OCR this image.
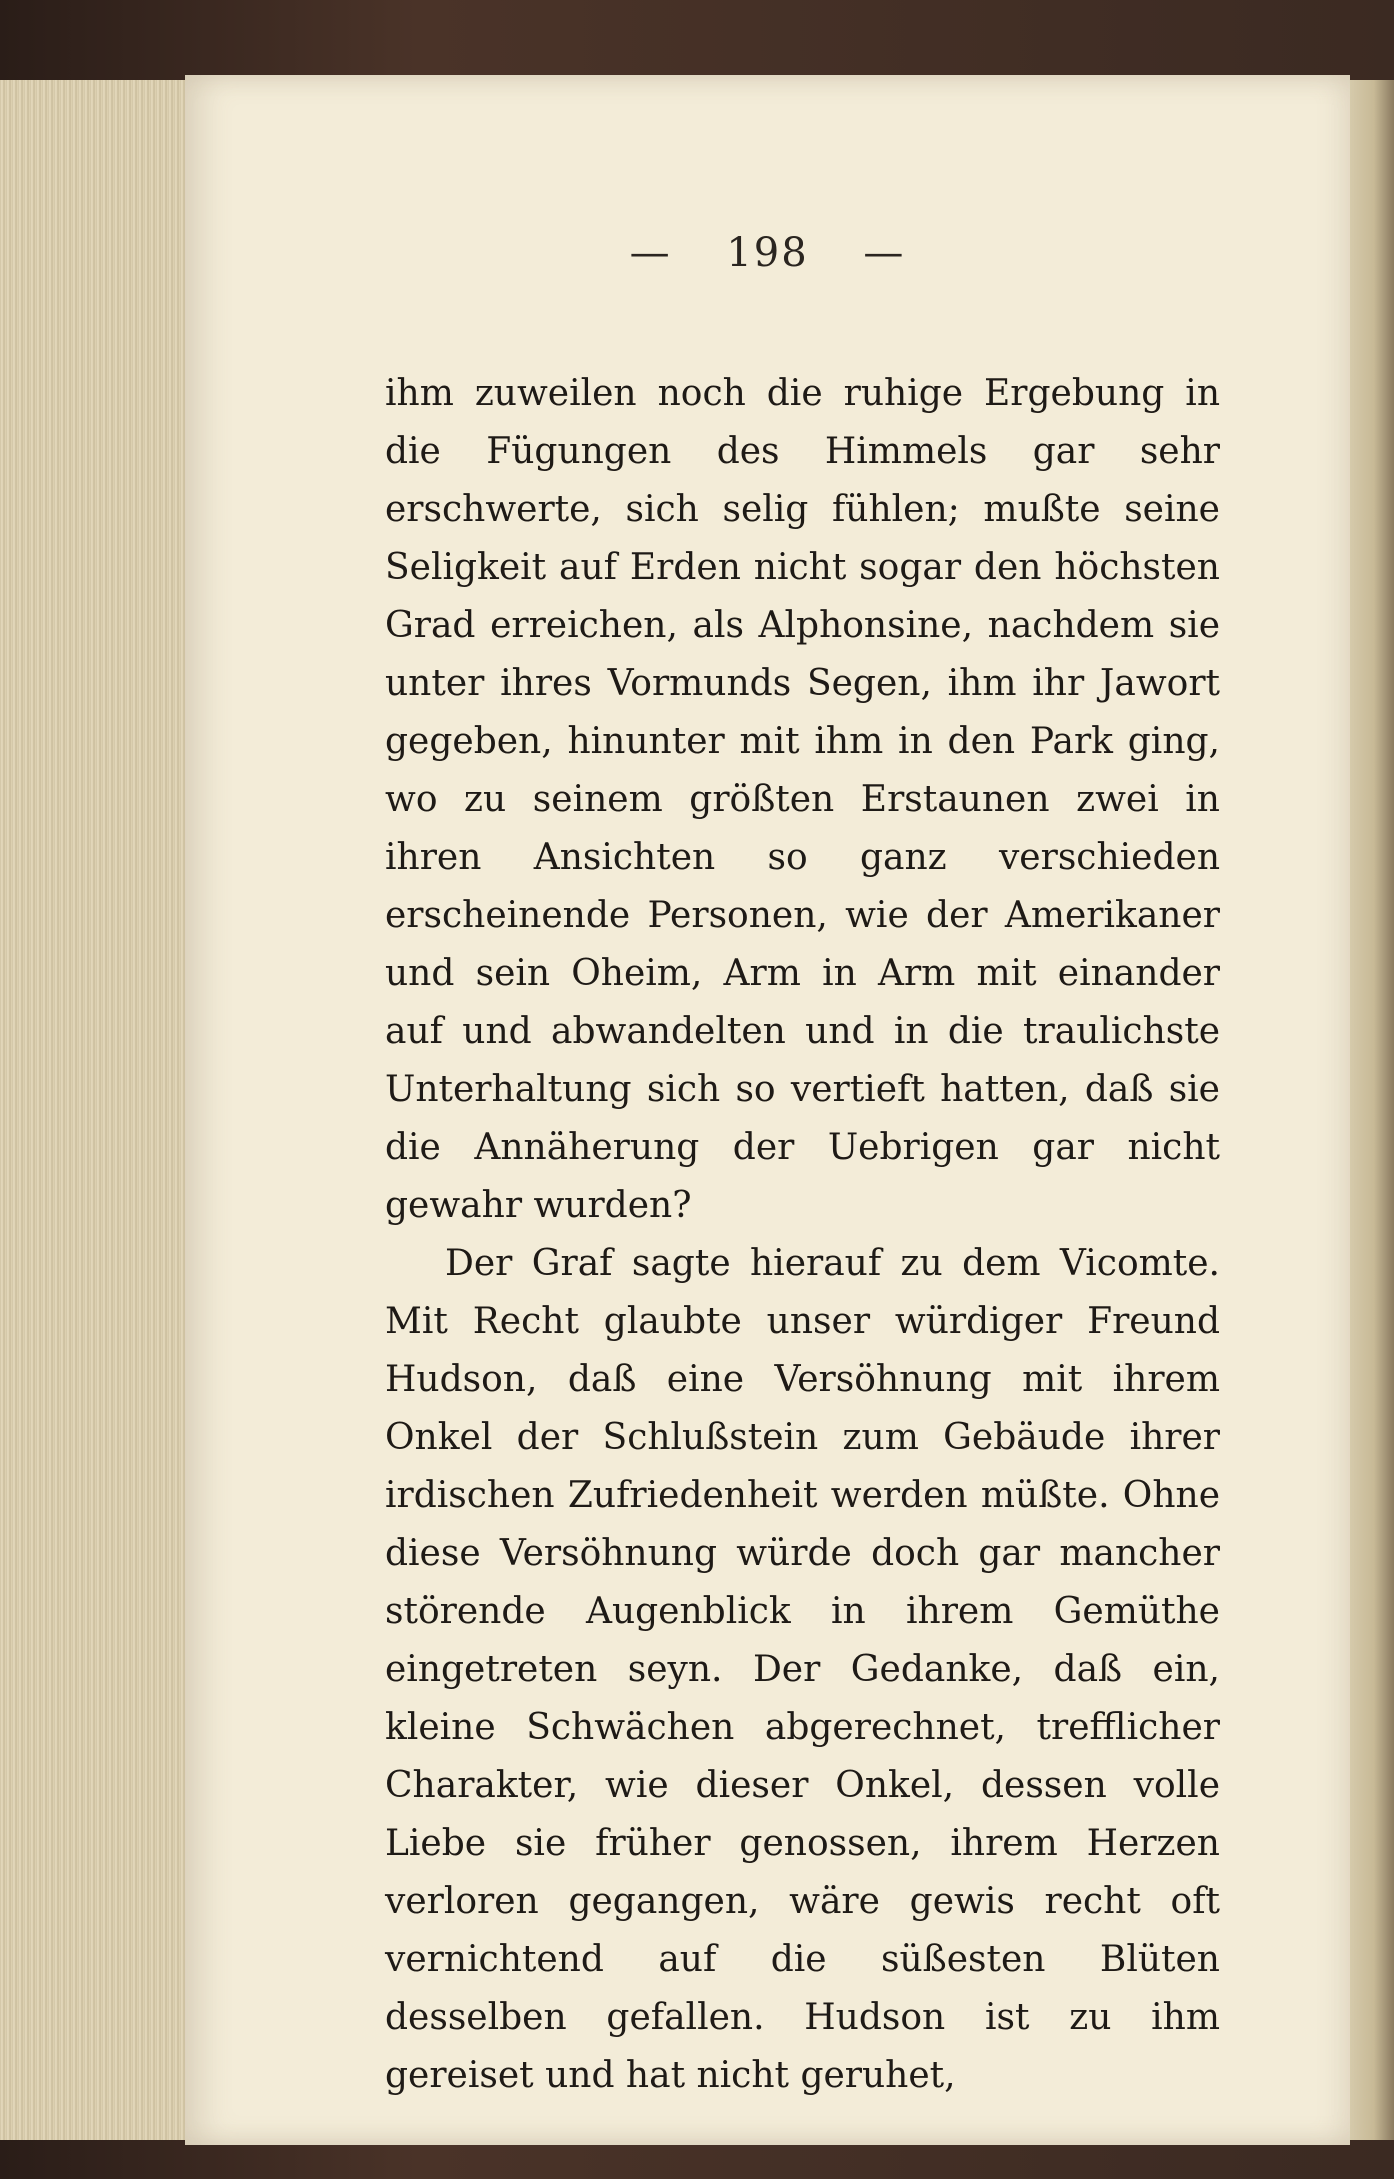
— 198 —

ihm zuweilen noch die ruhige Ergebung in die Fügungen des Himmels gar sehr erschwerte, sich selig fühlen; mußte seine Seligkeit auf Erden nicht sogar den höchsten Grad erreichen, als Alphonsine, nachdem sie unter ihres Vormunds Segen, ihm ihr Jawort gegeben, hinunter mit ihm in den Park ging, wo zu seinem größten Erstaunen zwei in ihren Ansichten so ganz verschieden erscheinende Personen, wie der Amerikaner und sein Oheim, Arm in Arm mit einander auf und abwandelten und in die traulichste Unterhaltung sich so vertieft hatten, daß sie die Annäherung der Uebrigen gar nicht gewahr wurden?

Der Graf sagte hierauf zu dem Vicomte. Mit Recht glaubte unser würdiger Freund Hudson, daß eine Versöhnung mit ihrem Onkel der Schlußstein zum Gebäude ihrer irdischen Zufriedenheit werden müßte. Ohne diese Versöhnung würde doch gar mancher störende Augenblick in ihrem Gemüthe eingetreten seyn. Der Gedanke, daß ein, kleine Schwächen abgerechnet, trefflicher Charakter, wie dieser Onkel, dessen volle Liebe sie früher genossen, ihrem Herzen verloren gegangen, wäre gewis recht oft vernichtend auf die süßesten Blüten desselben gefallen. Hudson ist zu ihm gereiset und hat nicht geruhet,
